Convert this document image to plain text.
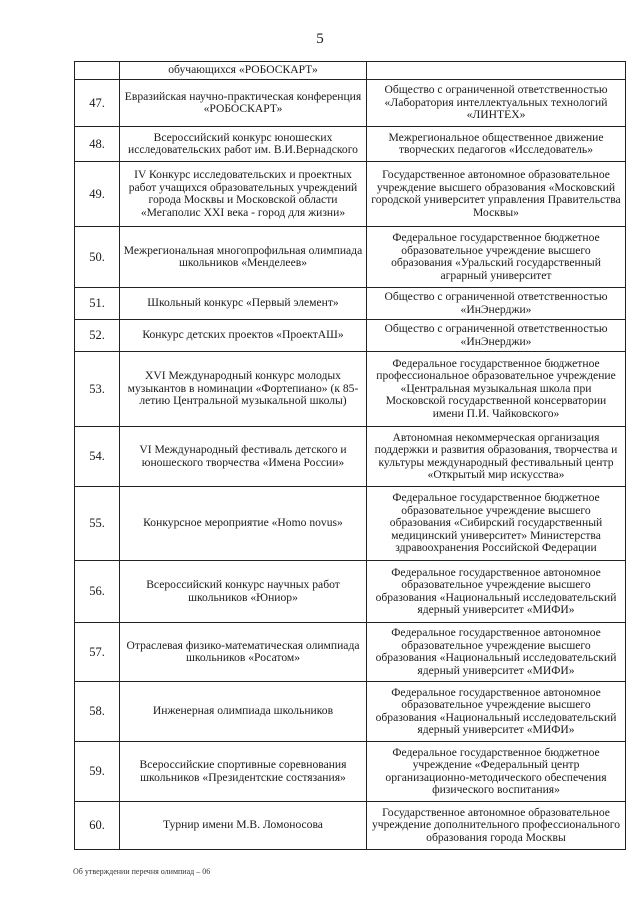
5
	обучающихся «РОБОСКАРТ»	
47.	Евразийская научно-практическая конференция «РОБОСКАРТ»	Общество с ограниченной ответственностью «Лаборатория интеллектуальных технологий «ЛИНТЕХ»
48.	Всероссийский конкурс юношеских исследовательских работ им. В.И.Вернадского	Межрегиональное общественное движение творческих педагогов «Исследователь»
49.	IV Конкурс исследовательских и проектных работ учащихся образовательных учреждений города Москвы и Московской области «Мегаполис XXI века - город для жизни»	Государственное автономное образовательное учреждение высшего образования «Московский городской университет управления Правительства Москвы»
50.	Межрегиональная многопрофильная олимпиада школьников «Менделеев»	Федеральное государственное бюджетное образовательное учреждение высшего образования «Уральский государственный аграрный университет
51.	Школьный конкурс «Первый элемент»	Общество с ограниченной ответственностью «ИнЭнерджи»
52.	Конкурс детских проектов «ПроектАШ»	Общество с ограниченной ответственностью «ИнЭнерджи»
53.	XVI Международный конкурс молодых музыкантов в номинации «Фортепиано» (к 85-летию Центральной музыкальной школы)	Федеральное государственное бюджетное профессиональное образовательное учреждение «Центральная музыкальная школа при Московской государственной консерватории имени П.И. Чайковского»
54.	VI Международный фестиваль детского и юношеского творчества «Имена России»	Автономная некоммерческая организация поддержки и развития образования, творчества и культуры международный фестивальный центр «Открытый мир искусства»
55.	Конкурсное мероприятие «Homo novus»	Федеральное государственное бюджетное образовательное учреждение высшего образования «Сибирский государственный медицинский университет» Министерства здравоохранения Российской Федерации
56.	Всероссийский конкурс научных работ школьников «Юниор»	Федеральное государственное автономное образовательное учреждение высшего образования «Национальный исследовательский ядерный университет «МИФИ»
57.	Отраслевая физико-математическая олимпиада школьников «Росатом»	Федеральное государственное автономное образовательное учреждение высшего образования «Национальный исследовательский ядерный университет «МИФИ»
58.	Инженерная олимпиада школьников	Федеральное государственное автономное образовательное учреждение высшего образования «Национальный исследовательский ядерный университет «МИФИ»
59.	Всероссийские спортивные соревнования школьников «Президентские состязания»	Федеральное государственное бюджетное учреждение «Федеральный центр организационно-методического обеспечения физического воспитания»
60.	Турнир имени М.В. Ломоносова	Государственное автономное образовательное учреждение дополнительного профессионального образования города Москвы
Об утверждении перечня олимпиад – 06
